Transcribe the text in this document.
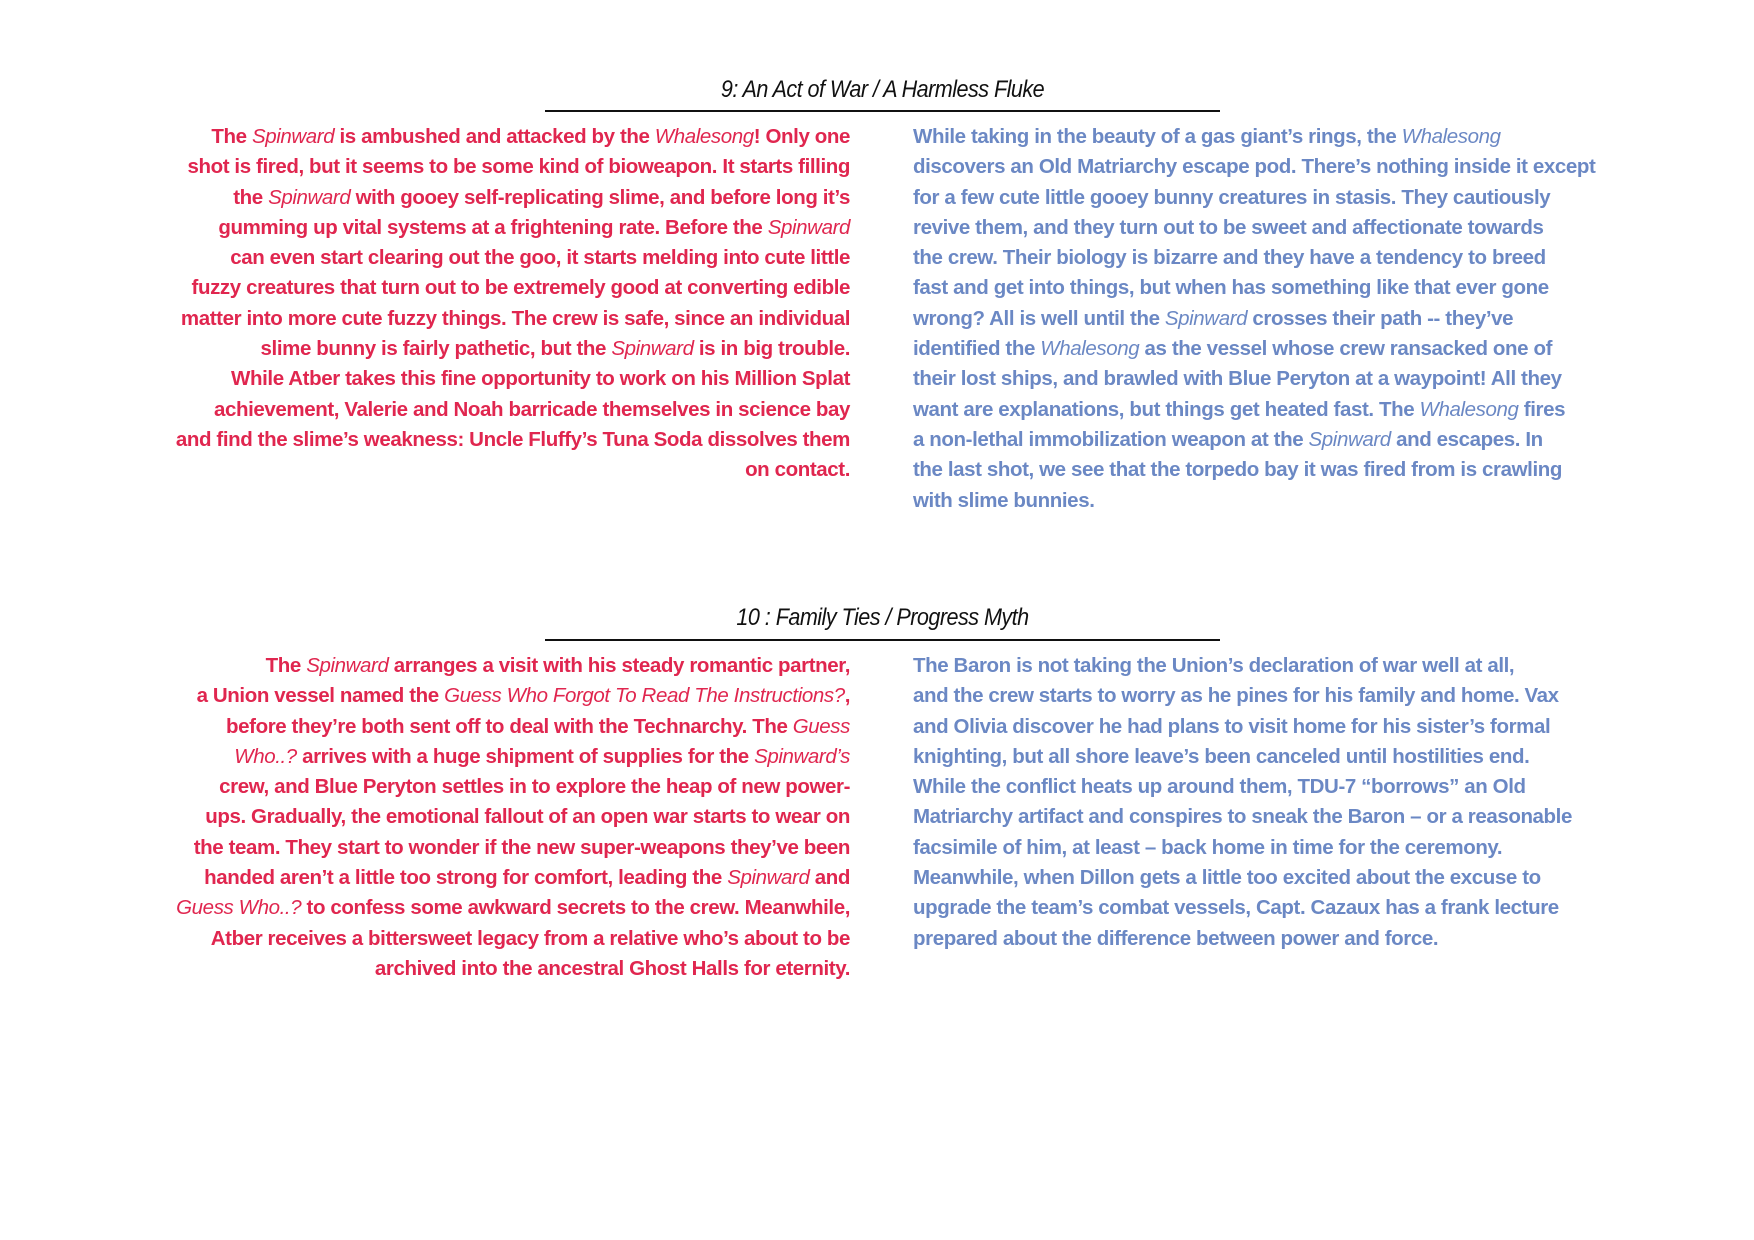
9: An Act of War / A Harmless Fluke
The Spinward is ambushed and attacked by the Whalesong! Only one
shot is fired, but it seems to be some kind of bioweapon. It starts filling
the Spinward with gooey self-replicating slime, and before long it’s
gumming up vital systems at a frightening rate. Before the Spinward
can even start clearing out the goo, it starts melding into cute little
fuzzy creatures that turn out to be extremely good at converting edible
matter into more cute fuzzy things. The crew is safe, since an individual
slime bunny is fairly pathetic, but the Spinward is in big trouble.
While Atber takes this fine opportunity to work on his Million Splat
achievement, Valerie and Noah barricade themselves in science bay
and find the slime’s weakness: Uncle Fluffy’s Tuna Soda dissolves them
on contact.
While taking in the beauty of a gas giant’s rings, the Whalesong
discovers an Old Matriarchy escape pod. There’s nothing inside it except
for a few cute little gooey bunny creatures in stasis. They cautiously
revive them, and they turn out to be sweet and affectionate towards
the crew. Their biology is bizarre and they have a tendency to breed
fast and get into things, but when has something like that ever gone
wrong? All is well until the Spinward crosses their path -- they’ve
identified the Whalesong as the vessel whose crew ransacked one of
their lost ships, and brawled with Blue Peryton at a waypoint! All they
want are explanations, but things get heated fast. The Whalesong fires
a non-lethal immobilization weapon at the Spinward and escapes. In
the last shot, we see that the torpedo bay it was fired from is crawling
with slime bunnies.
10 : Family Ties / Progress Myth
The Spinward arranges a visit with his steady romantic partner,
a Union vessel named the Guess Who Forgot To Read The Instructions?,
before they’re both sent off to deal with the Technarchy. The Guess
Who..? arrives with a huge shipment of supplies for the Spinward’s
crew, and Blue Peryton settles in to explore the heap of new power-
ups. Gradually, the emotional fallout of an open war starts to wear on
the team. They start to wonder if the new super-weapons they’ve been
handed aren’t a little too strong for comfort, leading the Spinward and
Guess Who..? to confess some awkward secrets to the crew. Meanwhile,
Atber receives a bittersweet legacy from a relative who’s about to be
archived into the ancestral Ghost Halls for eternity.
The Baron is not taking the Union’s declaration of war well at all,
and the crew starts to worry as he pines for his family and home. Vax
and Olivia discover he had plans to visit home for his sister’s formal
knighting, but all shore leave’s been canceled until hostilities end.
While the conflict heats up around them, TDU-7 “borrows” an Old
Matriarchy artifact and conspires to sneak the Baron – or a reasonable
facsimile of him, at least – back home in time for the ceremony.
Meanwhile, when Dillon gets a little too excited about the excuse to
upgrade the team’s combat vessels, Capt. Cazaux has a frank lecture
prepared about the difference between power and force.
